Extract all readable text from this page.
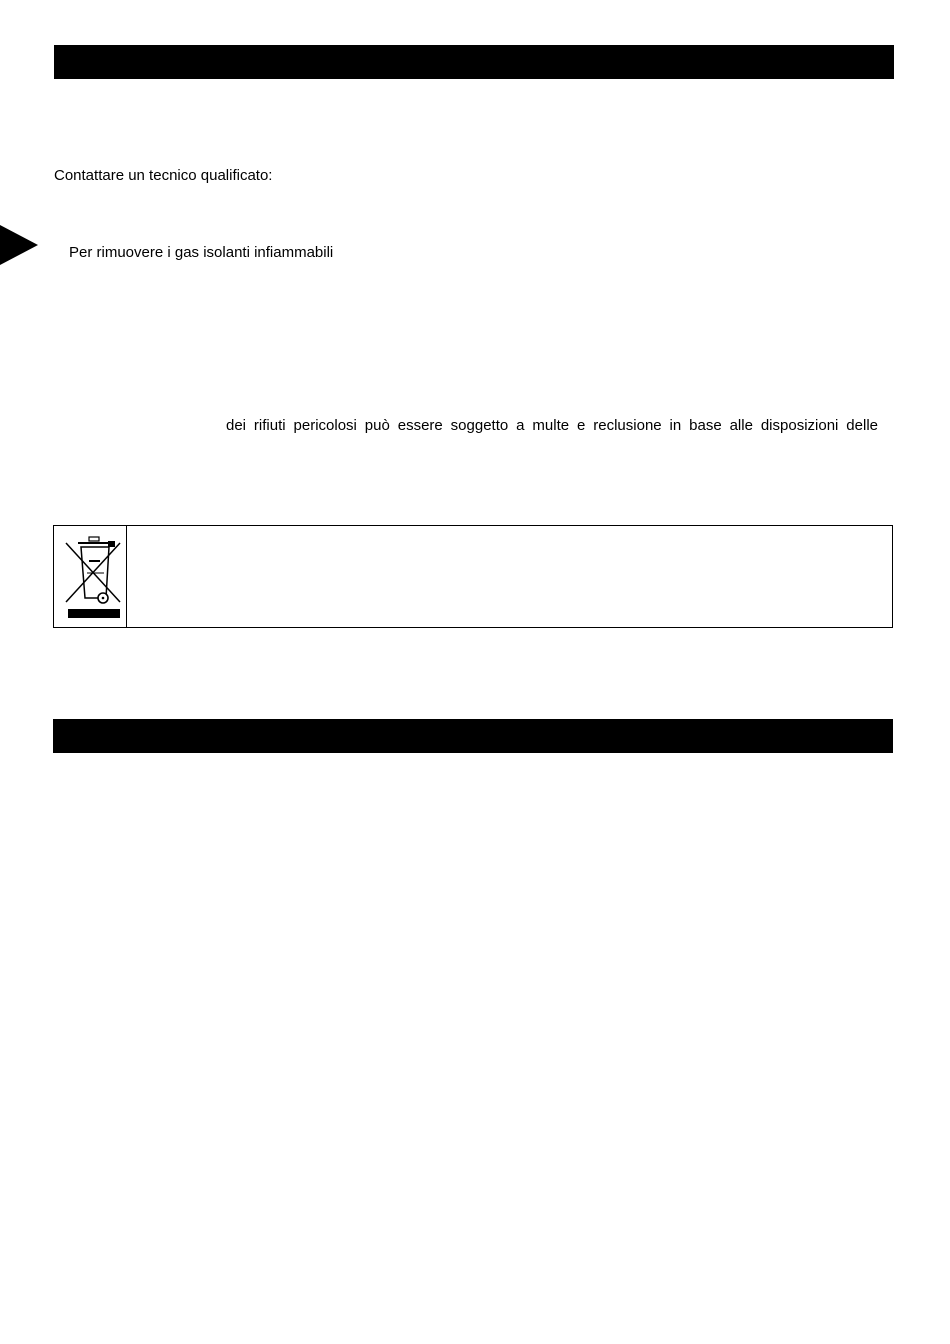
Contattare un tecnico qualificato:
Per rimuovere i gas isolanti infiammabili
dei rifiuti pericolosi può essere soggetto a multe e reclusione in base alle disposizioni delle
